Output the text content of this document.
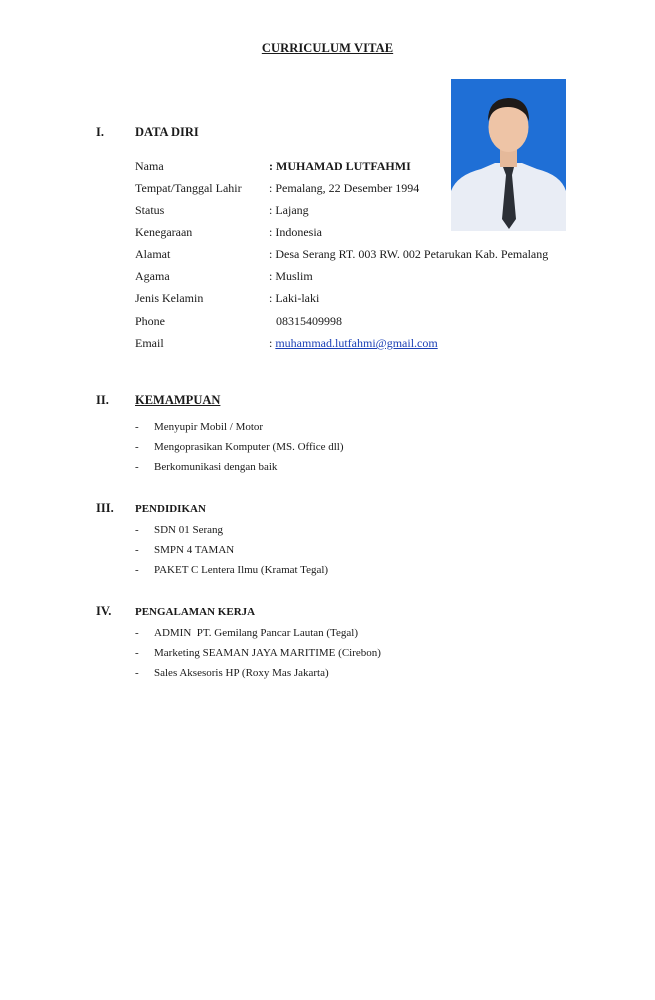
CURRICULUM VITAE
I. DATA DIRI
Nama	: MUHAMAD LUTFAHMI
Tempat/Tanggal Lahir : Pemalang, 22 Desember 1994
Status	: Lajang
Kenegaraan	: Indonesia
Alamat	: Desa Serang RT. 003 RW. 002 Petarukan Kab. Pemalang
Agama	: Muslim
Jenis Kelamin	: Laki-laki
Phone	08315409998
Email	: muhammad.lutfahmi@gmail.com
II. KEMAMPUAN
- Menyupir Mobil / Motor
- Mengoprasikan Komputer (MS. Office dll)
- Berkomunikasi dengan baik
III. PENDIDIKAN
- SDN 01 Serang
- SMPN 4 TAMAN
- PAKET C Lentera Ilmu (Kramat Tegal)
IV. PENGALAMAN KERJA
- ADMIN  PT. Gemilang Pancar Lautan (Tegal)
- Marketing SEAMAN JAYA MARITIME (Cirebon)
- Sales Aksesoris HP (Roxy Mas Jakarta)
